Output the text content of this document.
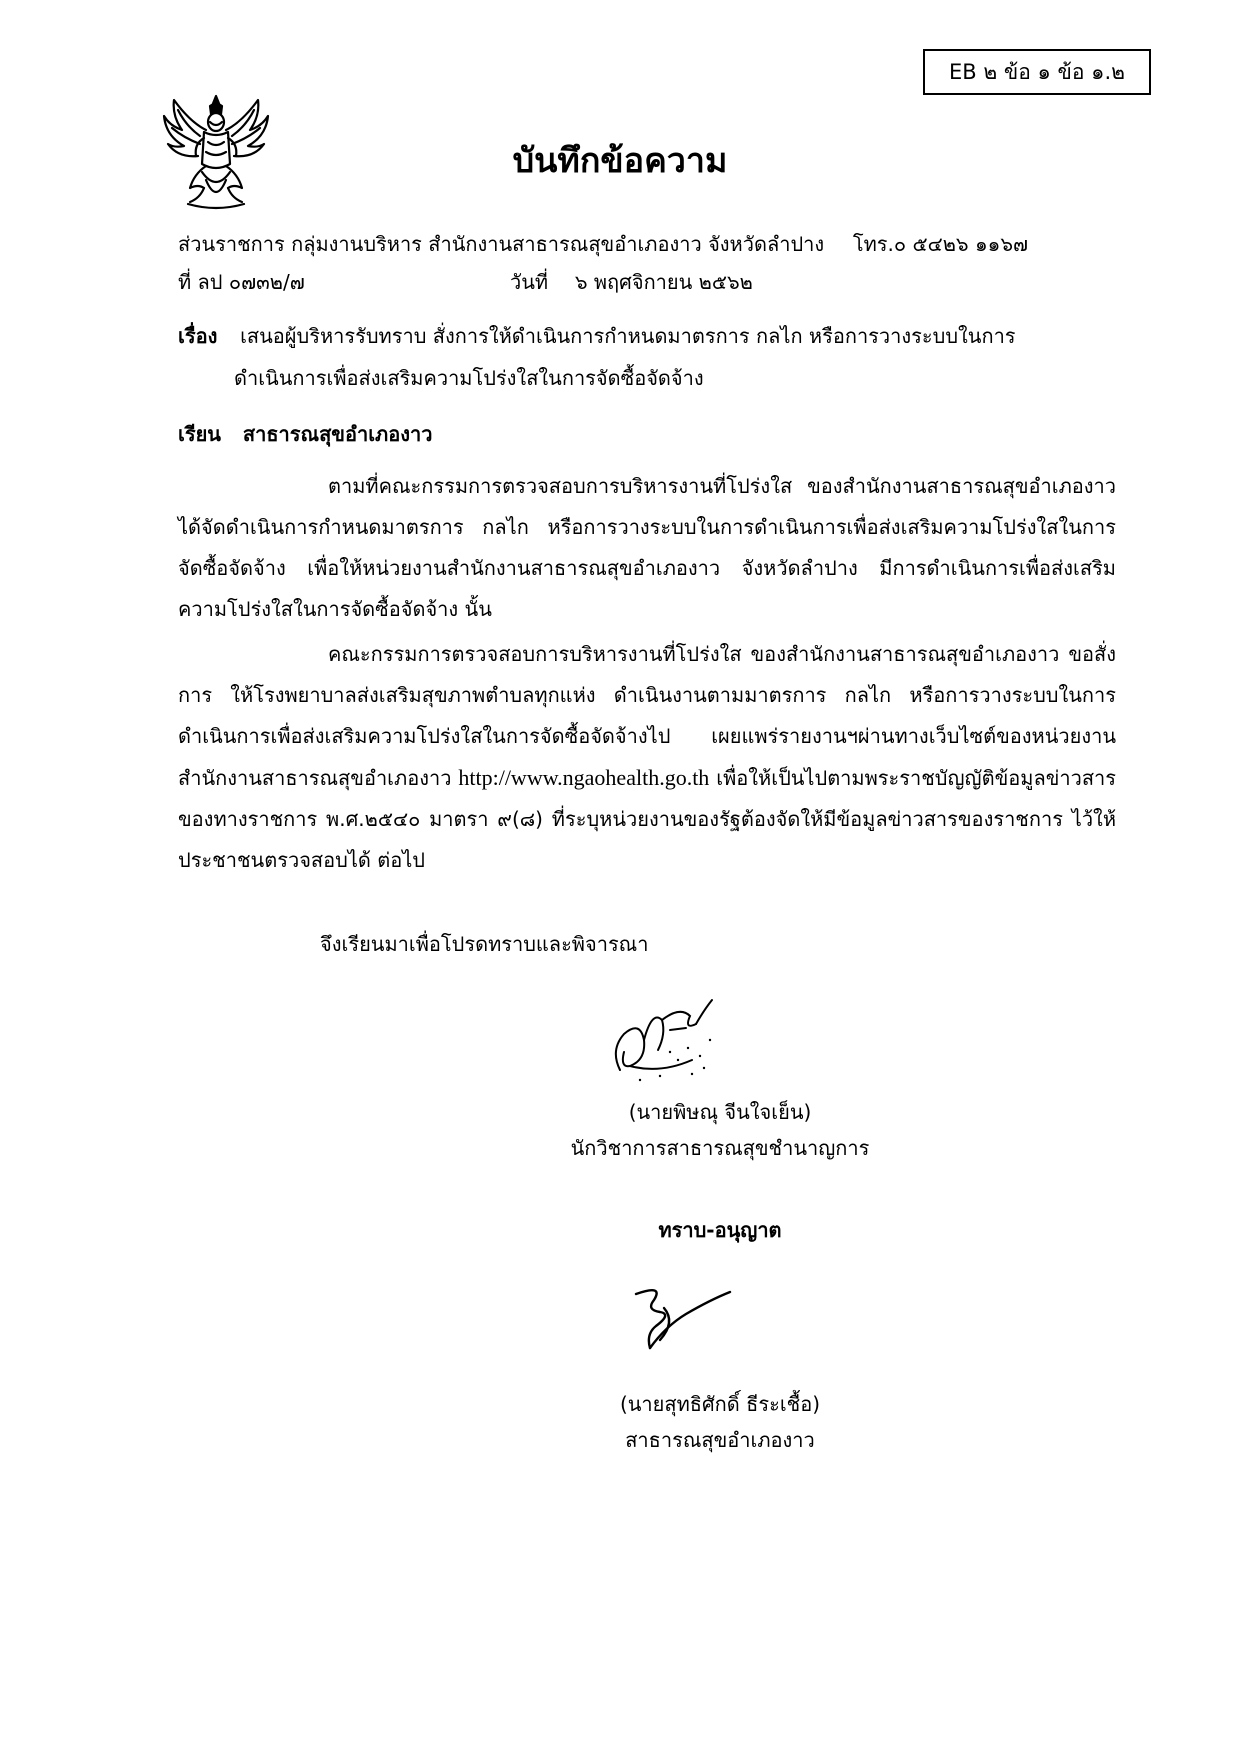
EB ๒ ข้อ ๑ ข้อ ๑.๒
บันทึกข้อความ
ส่วนราชการ กลุ่มงานบริหาร สำนักงานสาธารณสุขอำเภองาว จังหวัดลำปาง โทร.๐ ๕๔๒๖ ๑๑๖๗
ที่ ลป ๐๗๓๒/๗	วันที่ ๖ พฤศจิกายน ๒๕๖๒
เรื่อง เสนอผู้บริหารรับทราบ สั่งการให้ดำเนินการกำหนดมาตรการ กลไก หรือการวางระบบในการ
ดำเนินการเพื่อส่งเสริมความโปร่งใสในการจัดซื้อจัดจ้าง
เรียน สาธารณสุขอำเภองาว
ตามที่คณะกรรมการตรวจสอบการบริหารงานที่โปร่งใส ของสำนักงานสาธารณสุขอำเภองาว ได้จัดดำเนินการกำหนดมาตรการ กลไก หรือการวางระบบในการดำเนินการเพื่อส่งเสริมความโปร่งใสในการจัดซื้อจัดจ้าง เพื่อให้หน่วยงานสำนักงานสาธารณสุขอำเภองาว จังหวัดลำปาง มีการดำเนินการเพื่อส่งเสริมความโปร่งใสในการจัดซื้อจัดจ้าง นั้น
คณะกรรมการตรวจสอบการบริหารงานที่โปร่งใส ของสำนักงานสาธารณสุขอำเภองาว ขอสั่งการ ให้โรงพยาบาลส่งเสริมสุขภาพตำบลทุกแห่ง ดำเนินงานตามมาตรการ กลไก หรือการวางระบบในการดำเนินการเพื่อส่งเสริมความโปร่งใสในการจัดซื้อจัดจ้างไป เผยแพร่รายงานฯผ่านทางเว็บไซต์ของหน่วยงาน สำนักงานสาธารณสุขอำเภองาว http://www.ngaohealth.go.th เพื่อให้เป็นไปตามพระราชบัญญัติข้อมูลข่าวสารของทางราชการ พ.ศ.๒๕๔๐ มาตรา ๙(๘) ที่ระบุหน่วยงานของรัฐต้องจัดให้มีข้อมูลข่าวสารของราชการ ไว้ให้ประชาชนตรวจสอบได้ ต่อไป
จึงเรียนมาเพื่อโปรดทราบและพิจารณา
(นายพิษณุ จีนใจเย็น)
นักวิชาการสาธารณสุขชำนาญการ
ทราบ-อนุญาต
(นายสุทธิศักดิ์ ธีระเชื้อ)
สาธารณสุขอำเภองาว
